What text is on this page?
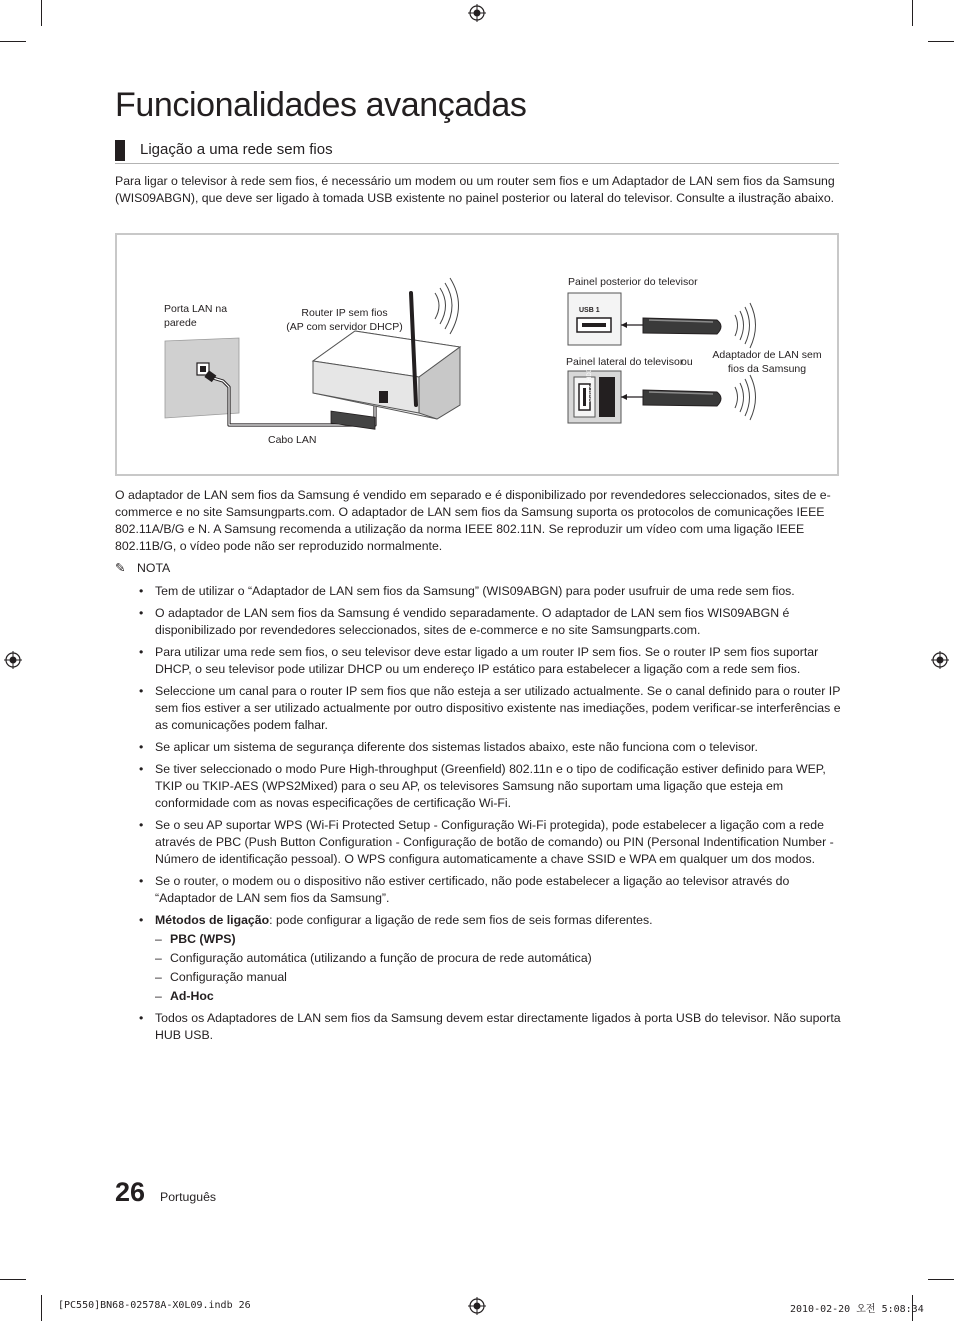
Funcionalidades avançadas
Ligação a uma rede sem fios

Para ligar o televisor à rede sem fios, é necessário um modem ou um router sem fios e um Adaptador de LAN sem fios da Samsung (WIS09ABGN), que deve ser ligado à tomada USB existente no painel posterior ou lateral do televisor. Consulte a ilustração abaixo.

Porta LAN na parede
Router IP sem fios
(AP com servidor DHCP)
Cabo LAN
Painel posterior do televisor
Painel lateral do televisor
ou
Adaptador de LAN sem fios da Samsung
USB 1
USB 2 (HDD)

O adaptador de LAN sem fios da Samsung é vendido em separado e é disponibilizado por revendedores seleccionados, sites de e-commerce e no site Samsungparts.com. O adaptador de LAN sem fios da Samsung suporta os protocolos de comunicações IEEE 802.11A/B/G e N. A Samsung recomenda a utilização da norma IEEE 802.11N. Se reproduzir um vídeo com uma ligação IEEE 802.11B/G, o vídeo pode não ser reproduzido normalmente.

✎ NOTA
• Tem de utilizar o “Adaptador de LAN sem fios da Samsung” (WIS09ABGN) para poder usufruir de uma rede sem fios.
• O adaptador de LAN sem fios da Samsung é vendido separadamente. O adaptador de LAN sem fios WIS09ABGN é disponibilizado por revendedores seleccionados, sites de e-commerce e no site Samsungparts.com.
• Para utilizar uma rede sem fios, o seu televisor deve estar ligado a um router IP sem fios. Se o router IP sem fios suportar DHCP, o seu televisor pode utilizar DHCP ou um endereço IP estático para estabelecer a ligação com a rede sem fios.
• Seleccione um canal para o router IP sem fios que não esteja a ser utilizado actualmente. Se o canal definido para o router IP sem fios estiver a ser utilizado actualmente por outro dispositivo existente nas imediações, podem verificar-se interferências e as comunicações podem falhar.
• Se aplicar um sistema de segurança diferente dos sistemas listados abaixo, este não funciona com o televisor.
• Se tiver seleccionado o modo Pure High-throughput (Greenfield) 802.11n e o tipo de codificação estiver definido para WEP, TKIP ou TKIP-AES (WPS2Mixed) para o seu AP, os televisores Samsung não suportam uma ligação que esteja em conformidade com as novas especificações de certificação Wi-Fi.
• Se o seu AP suportar WPS (Wi-Fi Protected Setup - Configuração Wi-Fi protegida), pode estabelecer a ligação com a rede através de PBC (Push Button Configuration - Configuração de botão de comando) ou PIN (Personal Indentification Number - Número de identificação pessoal). O WPS configura automaticamente a chave SSID e WPA em qualquer um dos modos.
• Se o router, o modem ou o dispositivo não estiver certificado, não pode estabelecer a ligação ao televisor através do “Adaptador de LAN sem fios da Samsung”.
• Métodos de ligação: pode configurar a ligação de rede sem fios de seis formas diferentes.
– PBC (WPS)
– Configuração automática (utilizando a função de procura de rede automática)
– Configuração manual
– Ad-Hoc
• Todos os Adaptadores de LAN sem fios da Samsung devem estar directamente ligados à porta USB do televisor. Não suporta HUB USB.
26 Português
[PC550]BN68-02578A-X0L09.indb 26	2010-02-20 오전 5:08:34
